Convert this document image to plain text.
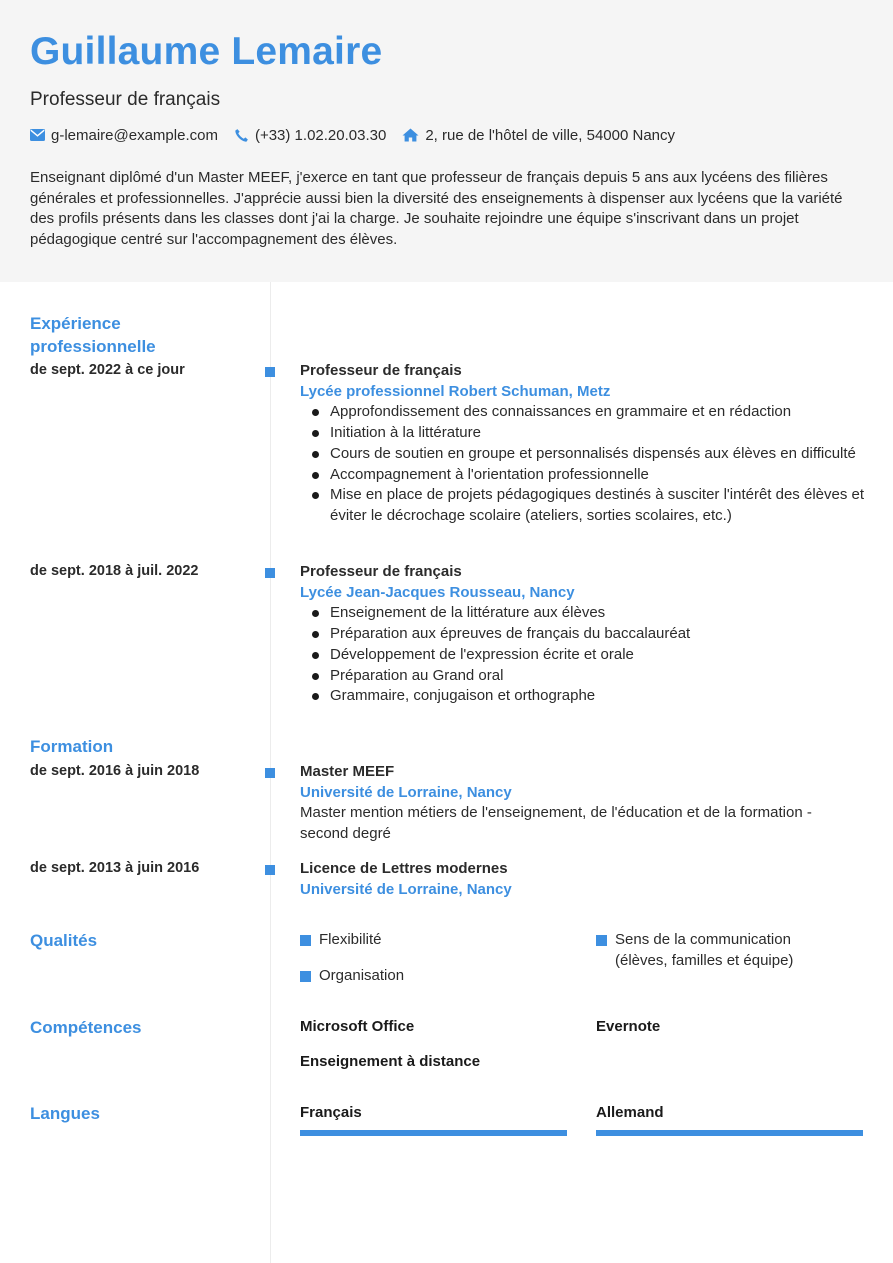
Guillaume Lemaire
Professeur de français
g-lemaire@example.com (+33) 1.02.20.03.30	2, rue de l'hôtel de ville, 54000 Nancy
Enseignant diplômé d'un Master MEEF, j'exerce en tant que professeur de français depuis 5 ans aux lycéens des filières générales et professionnelles. J'apprécie aussi bien la diversité des enseignements à dispenser aux lycéens que la variété des profils présents dans les classes dont j'ai la charge. Je souhaite rejoindre une équipe s'inscrivant dans un projet pédagogique centré sur l'accompagnement des élèves.
Expérience professionnelle
de sept. 2022 à ce jour	Professeur de français
Lycée professionnel Robert Schuman, Metz
Approfondissement des connaissances en grammaire et en rédaction
Initiation à la littérature
Cours de soutien en groupe et personnalisés dispensés aux élèves en difficulté
Accompagnement à l'orientation professionnelle
Mise en place de projets pédagogiques destinés à susciter l'intérêt des élèves et éviter le décrochage scolaire (ateliers, sorties scolaires, etc.)
de sept. 2018 à juil. 2022	Professeur de français
Lycée Jean-Jacques Rousseau, Nancy
Enseignement de la littérature aux élèves
Préparation aux épreuves de français du baccalauréat
Développement de l'expression écrite et orale
Préparation au Grand oral
Grammaire, conjugaison et orthographe
Formation
de sept. 2016 à juin 2018	Master MEEF
Université de Lorraine, Nancy
Master mention métiers de l'enseignement, de l'éducation et de la formation - second degré
de sept. 2013 à juin 2016	Licence de Lettres modernes
Université de Lorraine, Nancy
Qualités	Flexibilité	Sens de la communication (élèves, familles et équipe)
Organisation
Compétences	Microsoft Office	Evernote
Enseignement à distance
Langues	Français	Allemand
